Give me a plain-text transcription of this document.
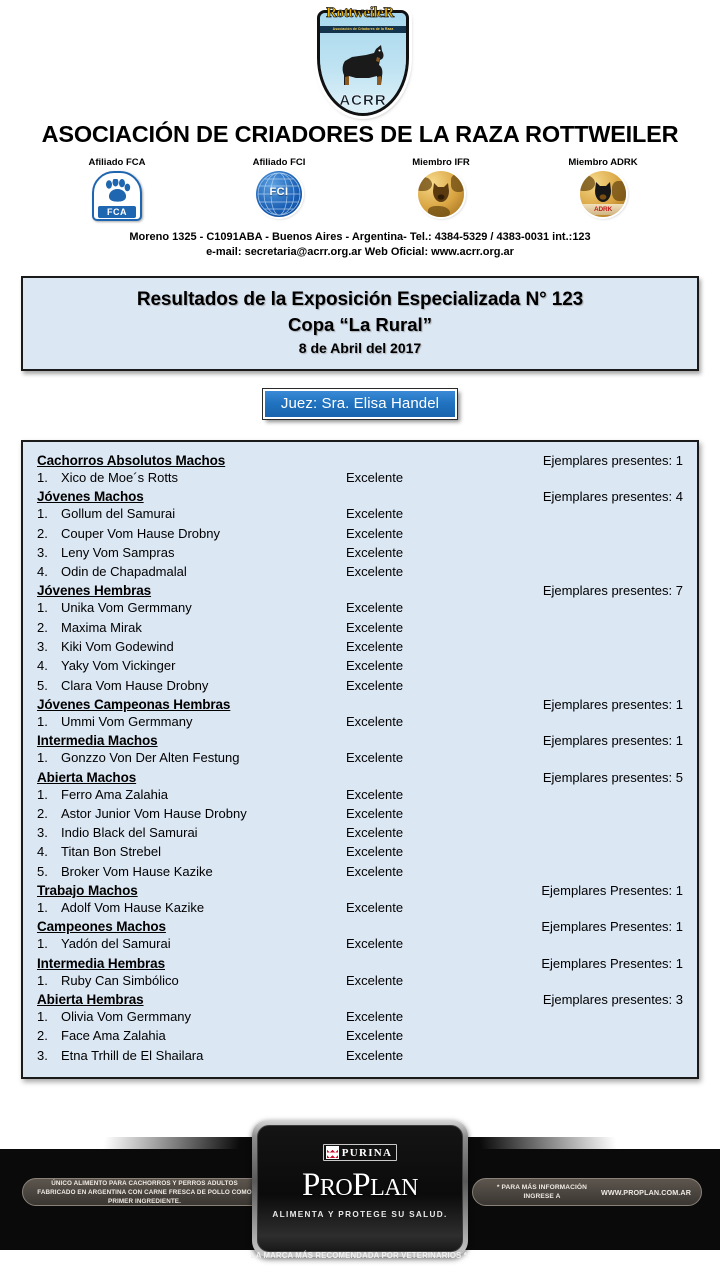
Asociación de Criadores de la Raza
ACRR
RottweileR
ASOCIACIÓN DE CRIADORES DE LA RAZA ROTTWEILER
Afiliado FCA
FCA
Afiliado FCI
FCI
Miembro IFR	Miembro ADRK
ADRK
Moreno 1325 - C1091ABA - Buenos Aires - Argentina- Tel.: 4384-5329 / 4383-0031 int.:123
e-mail: secretaria@acrr.org.ar Web Oficial: www.acrr.org.ar
Resultados de la Exposición Especializada N° 123
Copa “La Rural”
8 de Abril del 2017
Juez: Sra. Elisa Handel
Cachorros Absolutos Machos	Ejemplares presentes: 1
1.	Xico de Moe´s Rotts	Excelente
Jóvenes Machos	Ejemplares presentes: 4
1.	Gollum del Samurai	Excelente
2.	Couper Vom Hause Drobny	Excelente
3.	Leny Vom Sampras	Excelente
4.	Odin de Chapadmalal	Excelente
Jóvenes Hembras	Ejemplares presentes: 7
1.	Unika Vom Germmany	Excelente
2.	Maxima Mirak	Excelente
3.	Kiki Vom Godewind	Excelente
4.	Yaky Vom Vickinger	Excelente
5.	Clara Vom Hause Drobny	Excelente
Jóvenes Campeonas Hembras	Ejemplares presentes: 1
1.	Ummi Vom Germmany	Excelente
Intermedia Machos	Ejemplares presentes: 1
1.	Gonzzo Von Der Alten Festung	Excelente
Abierta Machos	Ejemplares presentes: 5
1.	Ferro Ama Zalahia	Excelente
2.	Astor Junior Vom Hause Drobny	Excelente
3.	Indio Black del Samurai	Excelente
4.	Titan Bon Strebel	Excelente
5.	Broker Vom Hause Kazike	Excelente
Trabajo Machos	Ejemplares Presentes: 1
1.	Adolf Vom Hause Kazike	Excelente
Campeones Machos	Ejemplares Presentes: 1
1.	Yadón del Samurai	Excelente
Intermedia Hembras	Ejemplares Presentes: 1
1.	Ruby Can Simbólico	Excelente
Abierta Hembras	Ejemplares presentes: 3
1.	Olivia Vom Germmany	Excelente
2.	Face Ama Zalahia	Excelente
3.	Etna Trhill de El Shailara	Excelente
ÚNICO ALIMENTO PARA CACHORROS Y PERROS ADULTOS FABRICADO EN ARGENTINA CON CARNE FRESCA DE POLLO COMO PRIMER INGREDIENTE.
* PARA MÁS INFORMACIÓN INGRESE A	WWW.PROPLAN.COM.AR
PURINA
PROPLAN
ALIMENTA Y PROTEGE SU SALUD.
LA MARCA MÁS RECOMENDADA POR VETERINARIOS *.
